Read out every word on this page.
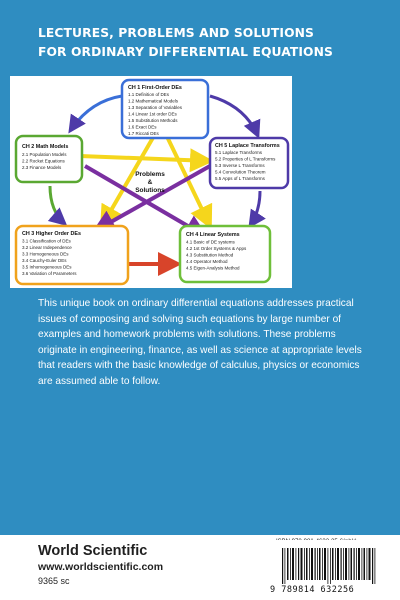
LECTURES, PROBLEMS AND SOLUTIONS
FOR ORDINARY DIFFERENTIAL EQUATIONS
Problems
&
Solutions
CH 1 First-Order DEs
1.1 Definition of DEs
1.2 Mathematical Models
1.3 Separation of Variables
1.4 Linear 1st order DEs
1.5 Substitution Methods
1.6 Exact DEs
1.7 Riccati DEs
CH 2 Math Models
2.1 Population Models
2.2 Rocket Equations
2.3 Finance Models
CH 5 Laplace Transforms
5.1 Laplace Transforms
5.2 Properties of L Transforms
5.3 Inverse L Transforms
5.4 Convolution Theorem
5.5 Apps of L Transforms
CH 3 Higher Order DEs
3.1 Classification of DEs
3.2 Linear Independence
3.3 Homogeneous DEs
3.4 Cauchy-Euler DEs
3.5 Inhomogeneous DEs
3.6 Variation of Parameters
CH 4 Linear Systems
4.1 Basic of DE systems
4.2 1st Order Systems & Apps
4.3 Substitution Method
4.4 Operator Method
4.5 Eigen-Analysis Method
This unique book on ordinary differential equations addresses practical issues of composing and solving such equations by large number of examples and homework problems with solutions. These problems originate in engineering, finance, as well as science at appropriate levels that readers with the basic knowledge of calculus, physics or economics are assumed able to follow.
World Scientific
www.worldscientific.com
9365 sc
9 789814 632256
